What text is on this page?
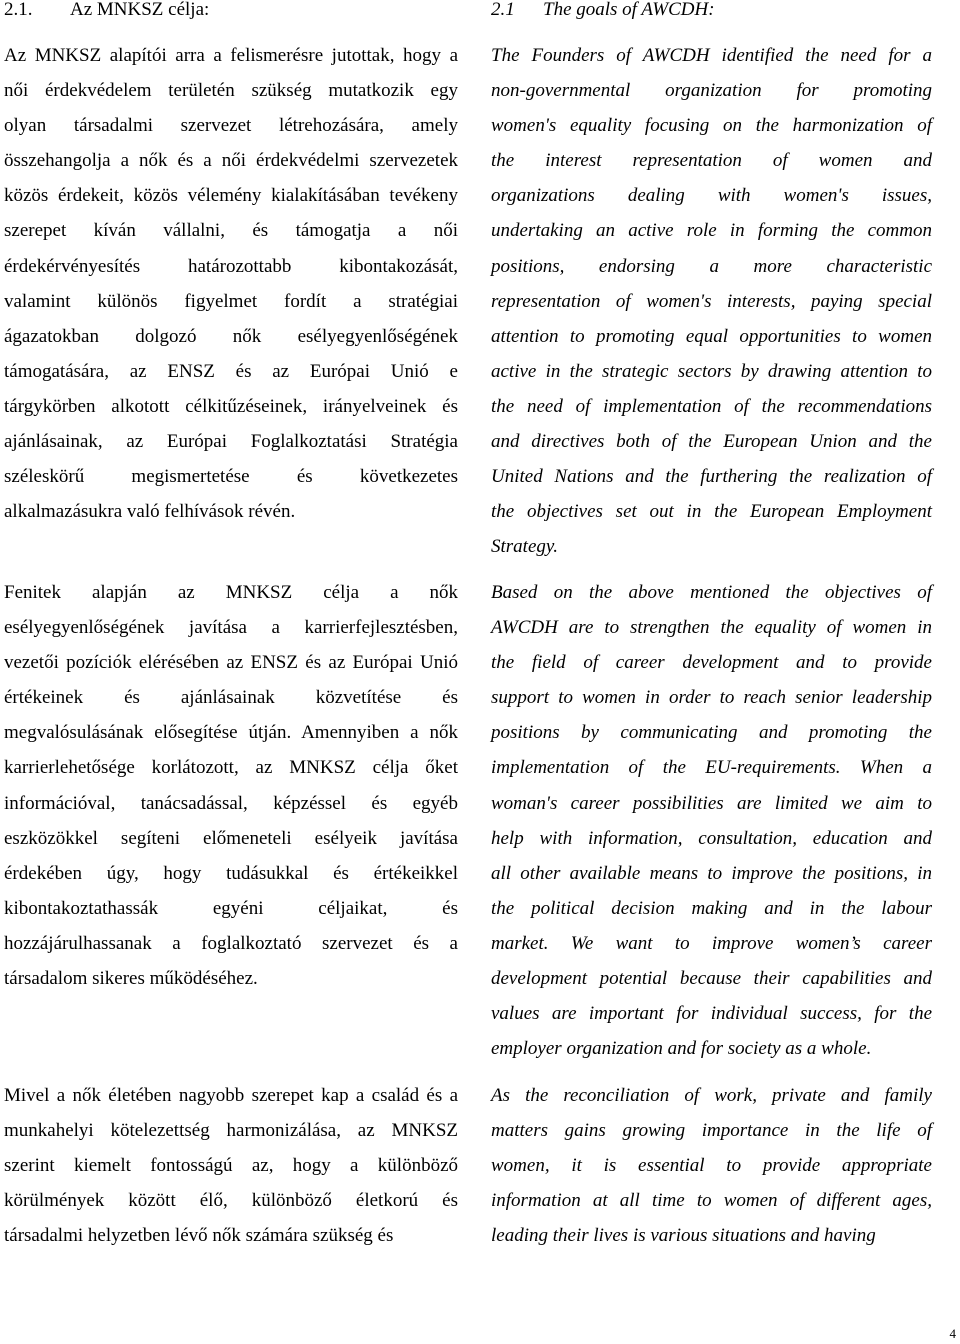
2.1. Az MNKSZ célja:
Az MNKSZ alapítói arra a felismerésre jutottak, hogy a
női érdekvédelem területén szükség mutatkozik egy
olyan társadalmi szervezet létrehozására, amely
összehangolja a nők és a női érdekvédelmi szervezetek
közös érdekeit, közös vélemény kialakításában tevékeny
szerepet kíván vállalni, és támogatja a női
érdekérvényesítés határozottabb kibontakozását,
valamint különös figyelmet fordít a stratégiai
ágazatokban dolgozó nők esélyegyenlőségének
támogatására, az ENSZ és az Európai Unió e
tárgykörben alkotott célkitűzéseinek, irányelveinek és
ajánlásainak, az Európai Foglalkoztatási Stratégia
széleskörű megismertetése és következetes
alkalmazásukra való felhívások révén.
Fenitek alapján az MNKSZ célja a nők
esélyegyenlőségének javítása a karrierfejlesztésben,
vezetői pozíciók elérésében az ENSZ és az Európai Unió
értékeinek és ajánlásainak közvetítése és
megvalósulásának elősegítése útján. Amennyiben a nők
karrierlehetősége korlátozott, az MNKSZ célja őket
információval, tanácsadással, képzéssel és egyéb
eszközökkel segíteni előmeneteli esélyeik javítása
érdekében úgy, hogy tudásukkal és értékeikkel
kibontakoztathassák egyéni céljaikat, és
hozzájárulhassanak a foglalkoztató szervezet és a
társadalom sikeres működéséhez.
Mivel a nők életében nagyobb szerepet kap a család és a
munkahelyi kötelezettség harmonizálása, az MNKSZ
szerint kiemelt fontosságú az, hogy a különböző
körülmények között élő, különböző életkorú és
társadalmi helyzetben lévő nők számára szükség és
2.1 The goals of AWCDH:
The Founders of AWCDH identified the need for a
non-governmental organization for promoting
women's equality focusing on the harmonization of
the interest representation of women and
organizations dealing with women's issues,
undertaking an active role in forming the common
positions, endorsing a more characteristic
representation of women's interests, paying special
attention to promoting equal opportunities to women
active in the strategic sectors by drawing attention to
the need of implementation of the recommendations
and directives both of the European Union and the
United Nations and the furthering the realization of
the objectives set out in the European Employment
Strategy.
Based on the above mentioned the objectives of
AWCDH are to strengthen the equality of women in
the field of career development and to provide
support to women in order to reach senior leadership
positions by communicating and promoting the
implementation of the EU-requirements. When a
woman's career possibilities are limited we aim to
help with information, consultation, education and
all other available means to improve the positions, in
the political decision making and in the labour
market. We want to improve women’s career
development potential because their capabilities and
values are important for individual success, for the
employer organization and for society as a whole.
As the reconciliation of work, private and family
matters gains growing importance in the life of
women, it is essential to provide appropriate
information at all time to women of different ages,
leading their lives is various situations and having
4
